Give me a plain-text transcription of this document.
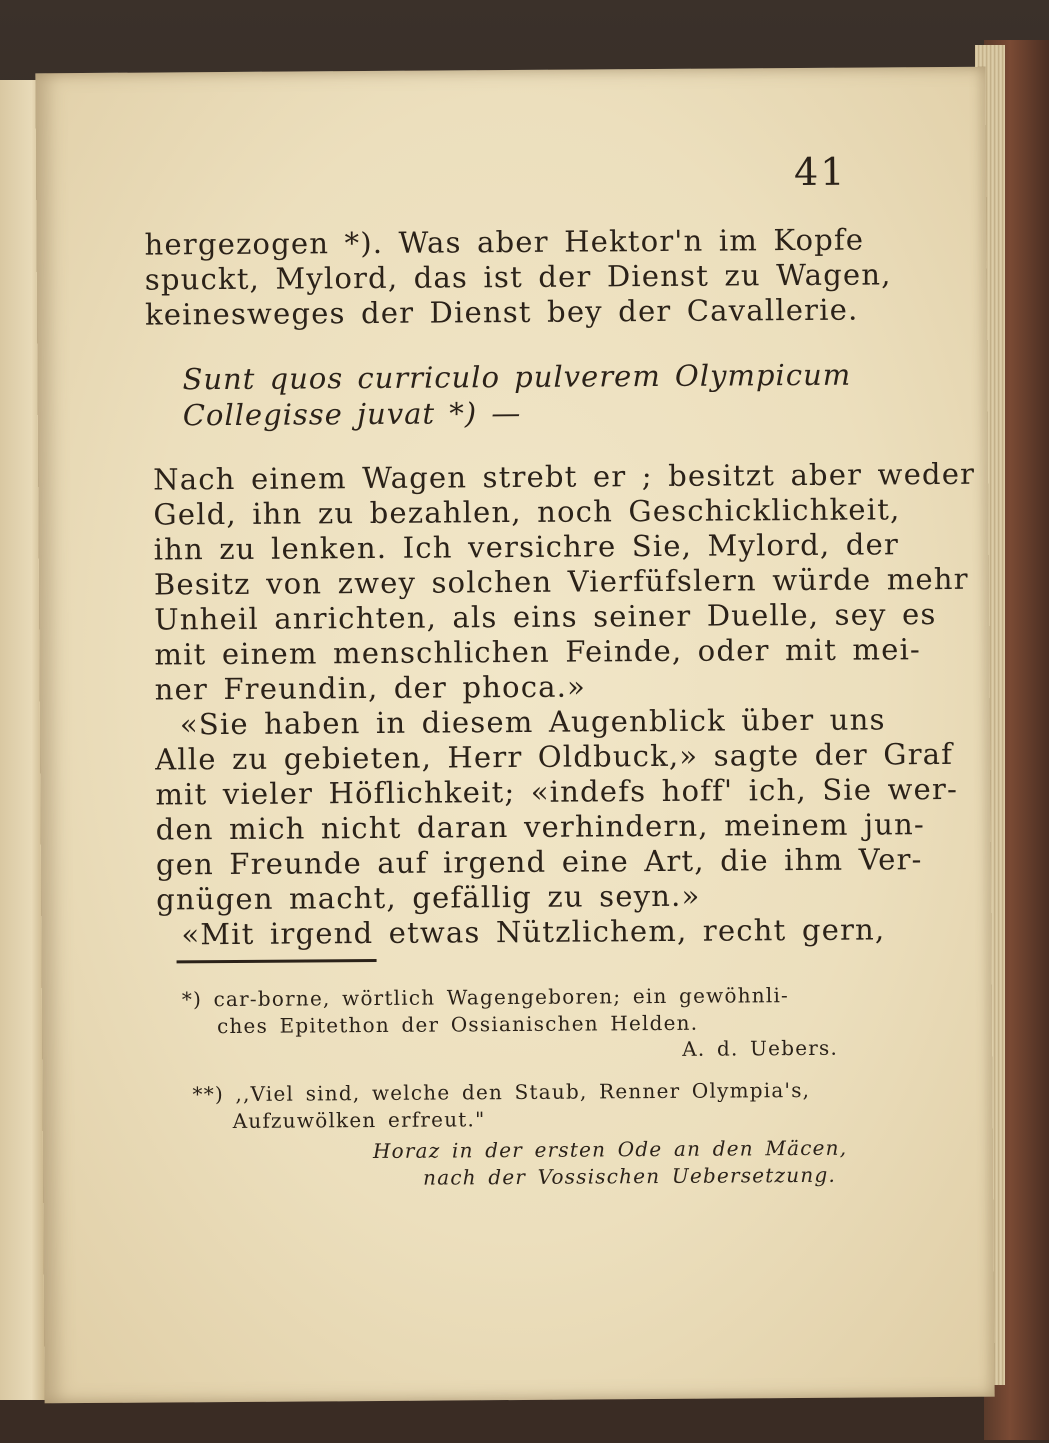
41
hergezogen *). Was aber Hektor'n im Kopfe
spuckt, Mylord, das ist der Dienst zu Wagen,
keinesweges der Dienst bey der Cavallerie.
Sunt quos curriculo pulverem Olympicum
Collegisse juvat *) —
Nach einem Wagen strebt er ; besitzt aber weder
Geld, ihn zu bezahlen, noch Geschicklichkeit,
ihn zu lenken. Ich versichre Sie, Mylord, der
Besitz von zwey solchen Vierfüfslern würde mehr
Unheil anrichten, als eins seiner Duelle, sey es
mit einem menschlichen Feinde, oder mit mei-
ner Freundin, der phoca.»
«Sie haben in diesem Augenblick über uns
Alle zu gebieten, Herr Oldbuck,» sagte der Graf
mit vieler Höflichkeit; «indefs hoff' ich, Sie wer-
den mich nicht daran verhindern, meinem jun-
gen Freunde auf irgend eine Art, die ihm Ver-
gnügen macht, gefällig zu seyn.»
«Mit irgend etwas Nützlichem, recht gern,
*) car-borne, wörtlich Wagengeboren; ein gewöhnli-
ches Epitethon der Ossianischen Helden.
A. d. Uebers.
**) ,,Viel sind, welche den Staub, Renner Olympia's,
Aufzuwölken erfreut."
Horaz in der ersten Ode an den Mäcen,
nach der Vossischen Uebersetzung.
